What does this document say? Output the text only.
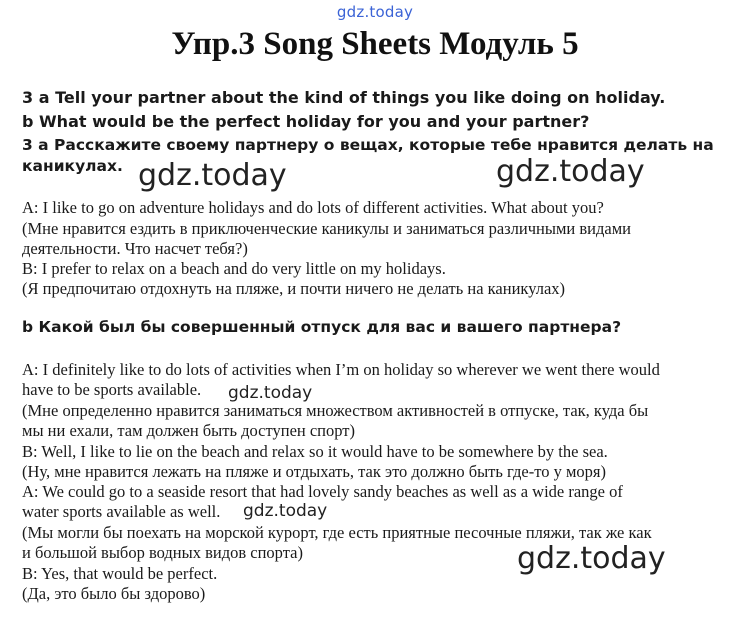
gdz.today
Упр.3 Song Sheets Модуль 5
3 a Tell your partner about the kind of things you like doing on holiday.
b What would be the perfect holiday for you and your partner?
3 a Расскажите своему партнеру о вещах, которые тебе нравится делать на
каникулах.
A: I like to go on adventure holidays and do lots of different activities. What about you?
(Мне нравится ездить в приключенческие каникулы и заниматься различными видами
деятельности. Что насчет тебя?)
B: I prefer to relax on a beach and do very little on my holidays.
(Я предпочитаю отдохнуть на пляже, и почти ничего не делать на каникулах)
b Какой был бы совершенный отпуск для вас и вашего партнера?
A: I definitely like to do lots of activities when I’m on holiday so wherever we went there would
have to be sports available.
(Мне определенно нравится заниматься множеством активностей в отпуске, так, куда бы
мы ни ехали, там должен быть доступен спорт)
B: Well, I like to lie on the beach and relax so it would have to be somewhere by the sea.
(Ну, мне нравится лежать на пляже и отдыхать, так это должно быть где-то у моря)
A: We could go to a seaside resort that had lovely sandy beaches as well as a wide range of
water sports available as well.
(Мы могли бы поехать на морской курорт, где есть приятные песочные пляжи, так же как
и большой выбор водных видов спорта)
B: Yes, that would be perfect.
(Да, это было бы здорово)
gdz.today	gdz.today
gdz.today
gdz.today
gdz.today
